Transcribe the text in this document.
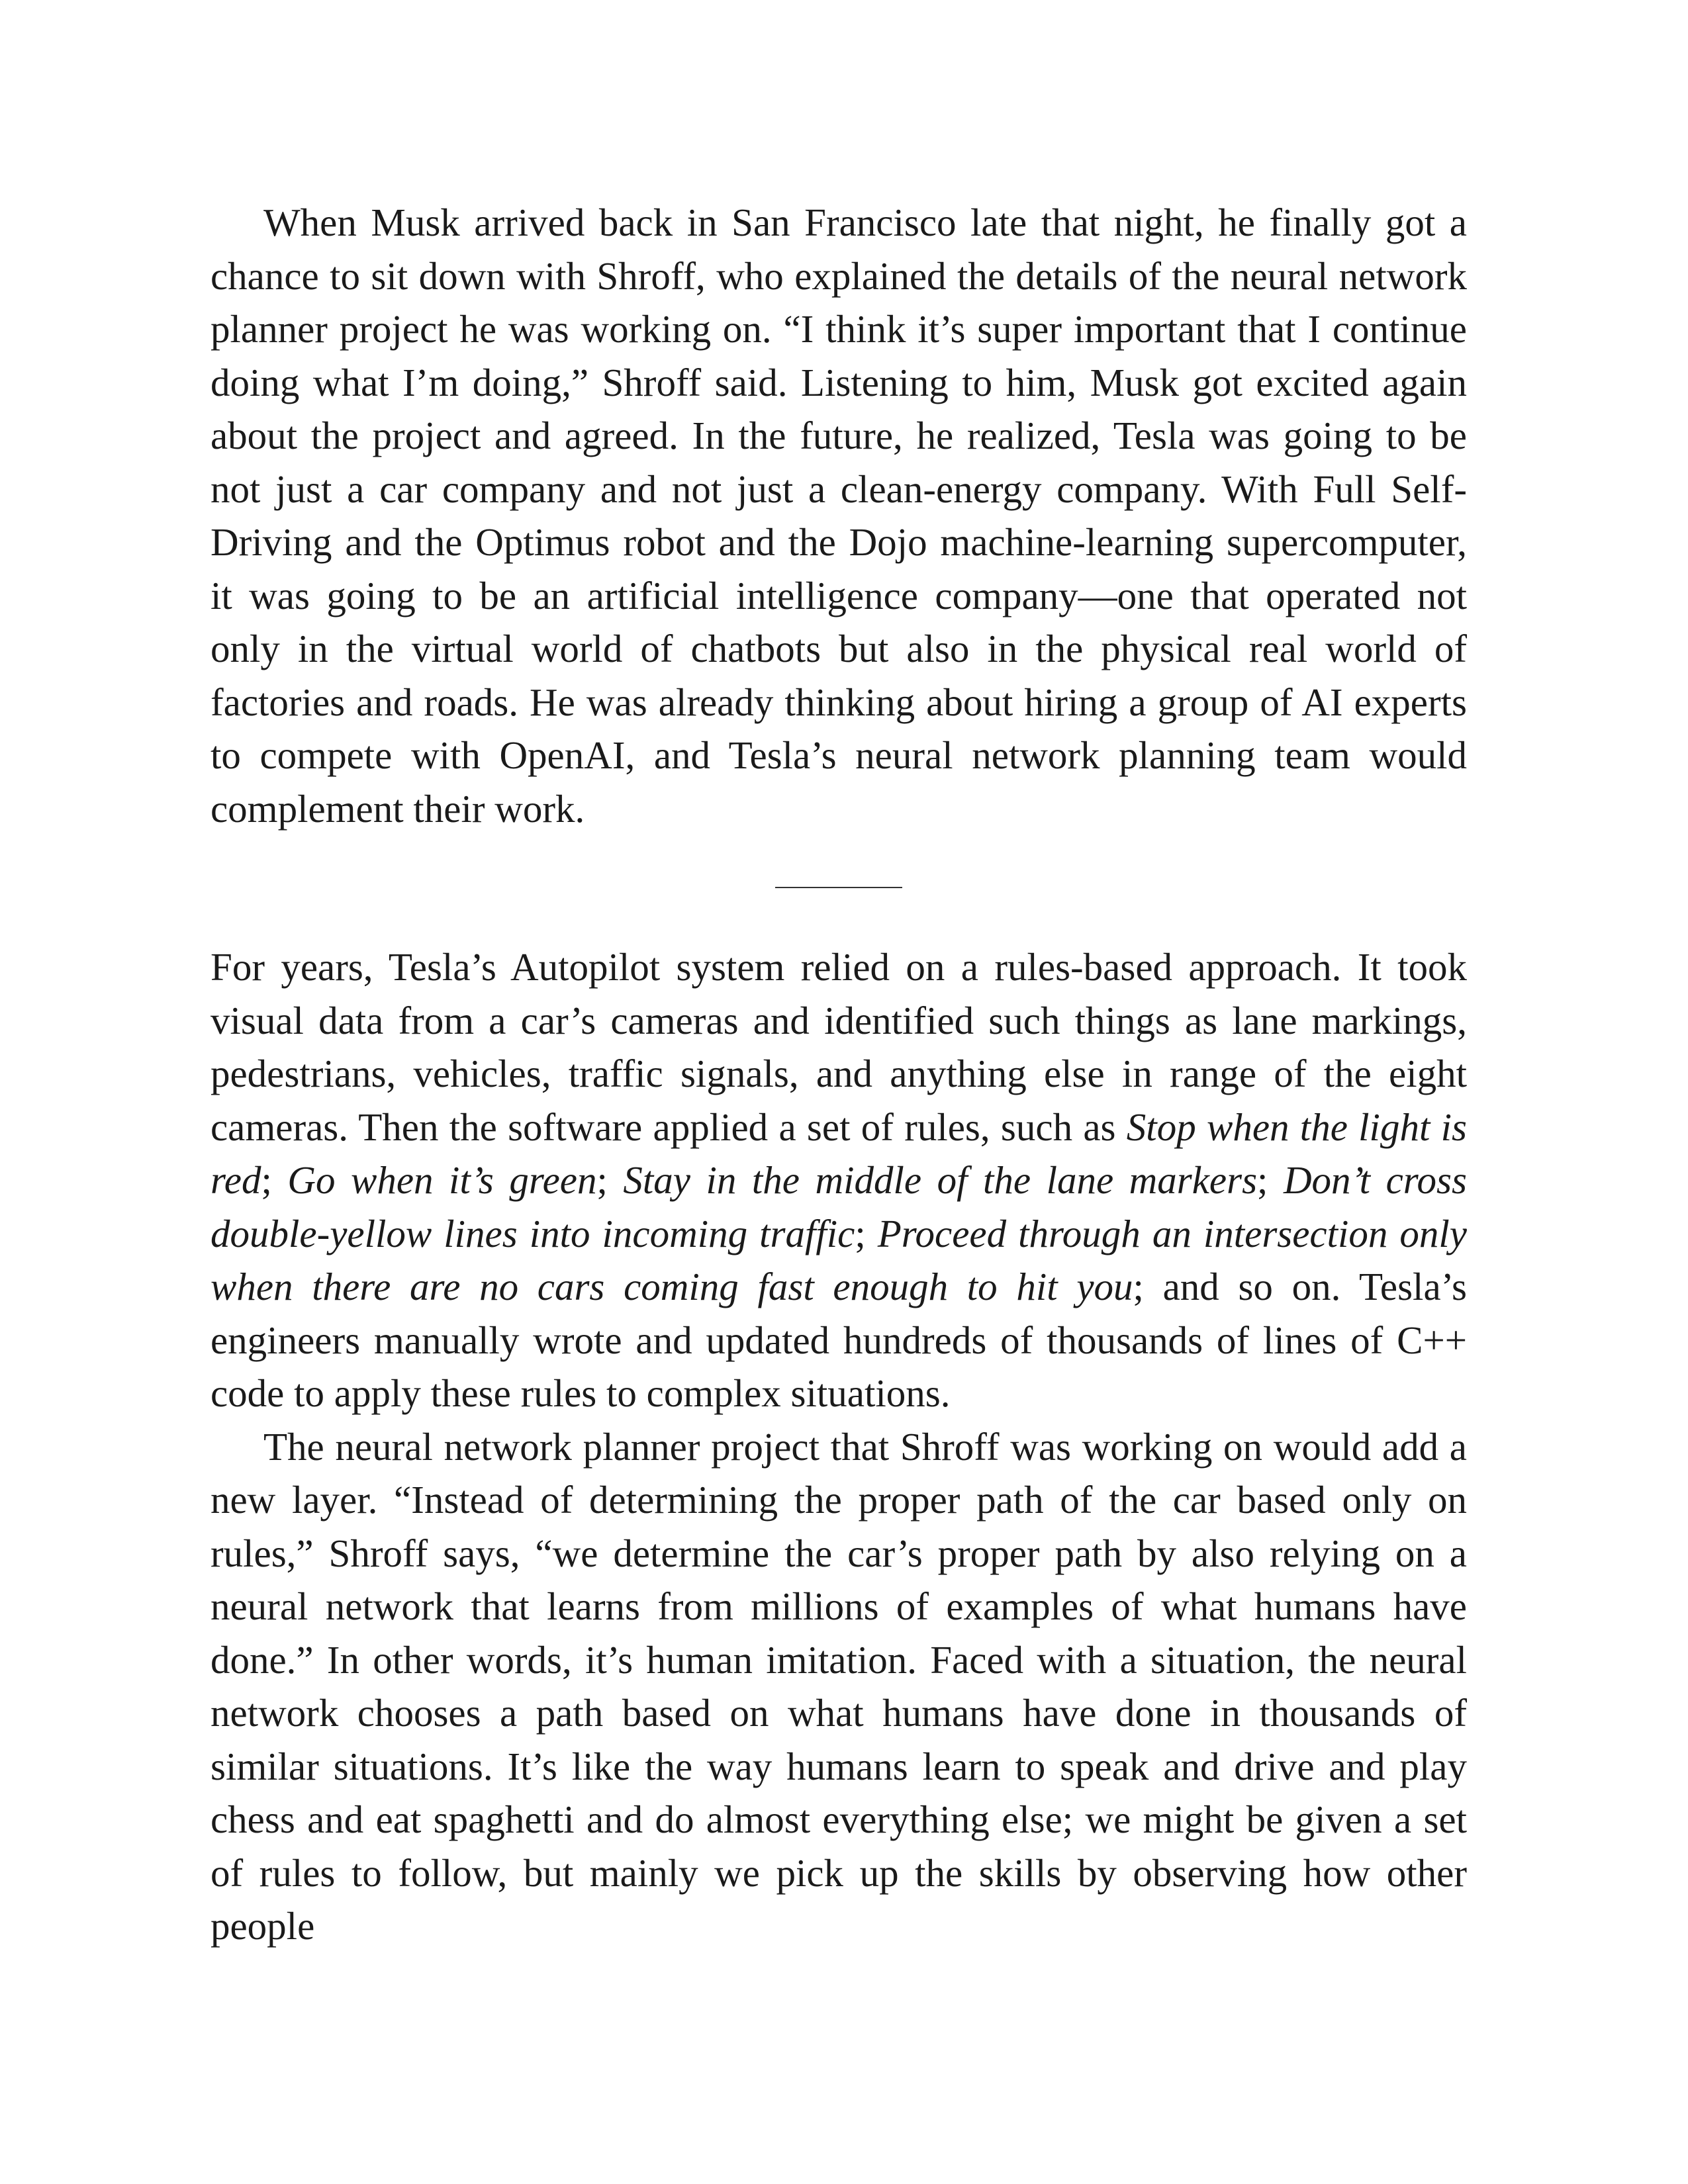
When Musk arrived back in San Francisco late that night, he finally got a chance to sit down with Shroff, who explained the details of the neural network planner project he was working on. “I think it’s super important that I continue doing what I’m doing,” Shroff said. Listening to him, Musk got excited again about the project and agreed. In the future, he realized, Tesla was going to be not just a car company and not just a clean-energy company. With Full Self-Driving and the Optimus robot and the Dojo machine-learning supercomputer, it was going to be an artificial intelligence company—one that operated not only in the virtual world of chatbots but also in the physical real world of factories and roads. He was already thinking about hiring a group of AI experts to compete with OpenAI, and Tesla’s neural network planning team would complement their work.

For years, Tesla’s Autopilot system relied on a rules-based approach. It took visual data from a car’s cameras and identified such things as lane markings, pedestrians, vehicles, traffic signals, and anything else in range of the eight cameras. Then the software applied a set of rules, such as Stop when the light is red; Go when it’s green; Stay in the middle of the lane markers; Don’t cross double-yellow lines into incoming traffic; Proceed through an intersection only when there are no cars coming fast enough to hit you; and so on. Tesla’s engineers manually wrote and updated hundreds of thousands of lines of C++ code to apply these rules to complex situations.

The neural network planner project that Shroff was working on would add a new layer. “Instead of determining the proper path of the car based only on rules,” Shroff says, “we determine the car’s proper path by also relying on a neural network that learns from millions of examples of what humans have done.” In other words, it’s human imitation. Faced with a situation, the neural network chooses a path based on what humans have done in thousands of similar situations. It’s like the way humans learn to speak and drive and play chess and eat spaghetti and do almost everything else; we might be given a set of rules to follow, but mainly we pick up the skills by observing how other people
